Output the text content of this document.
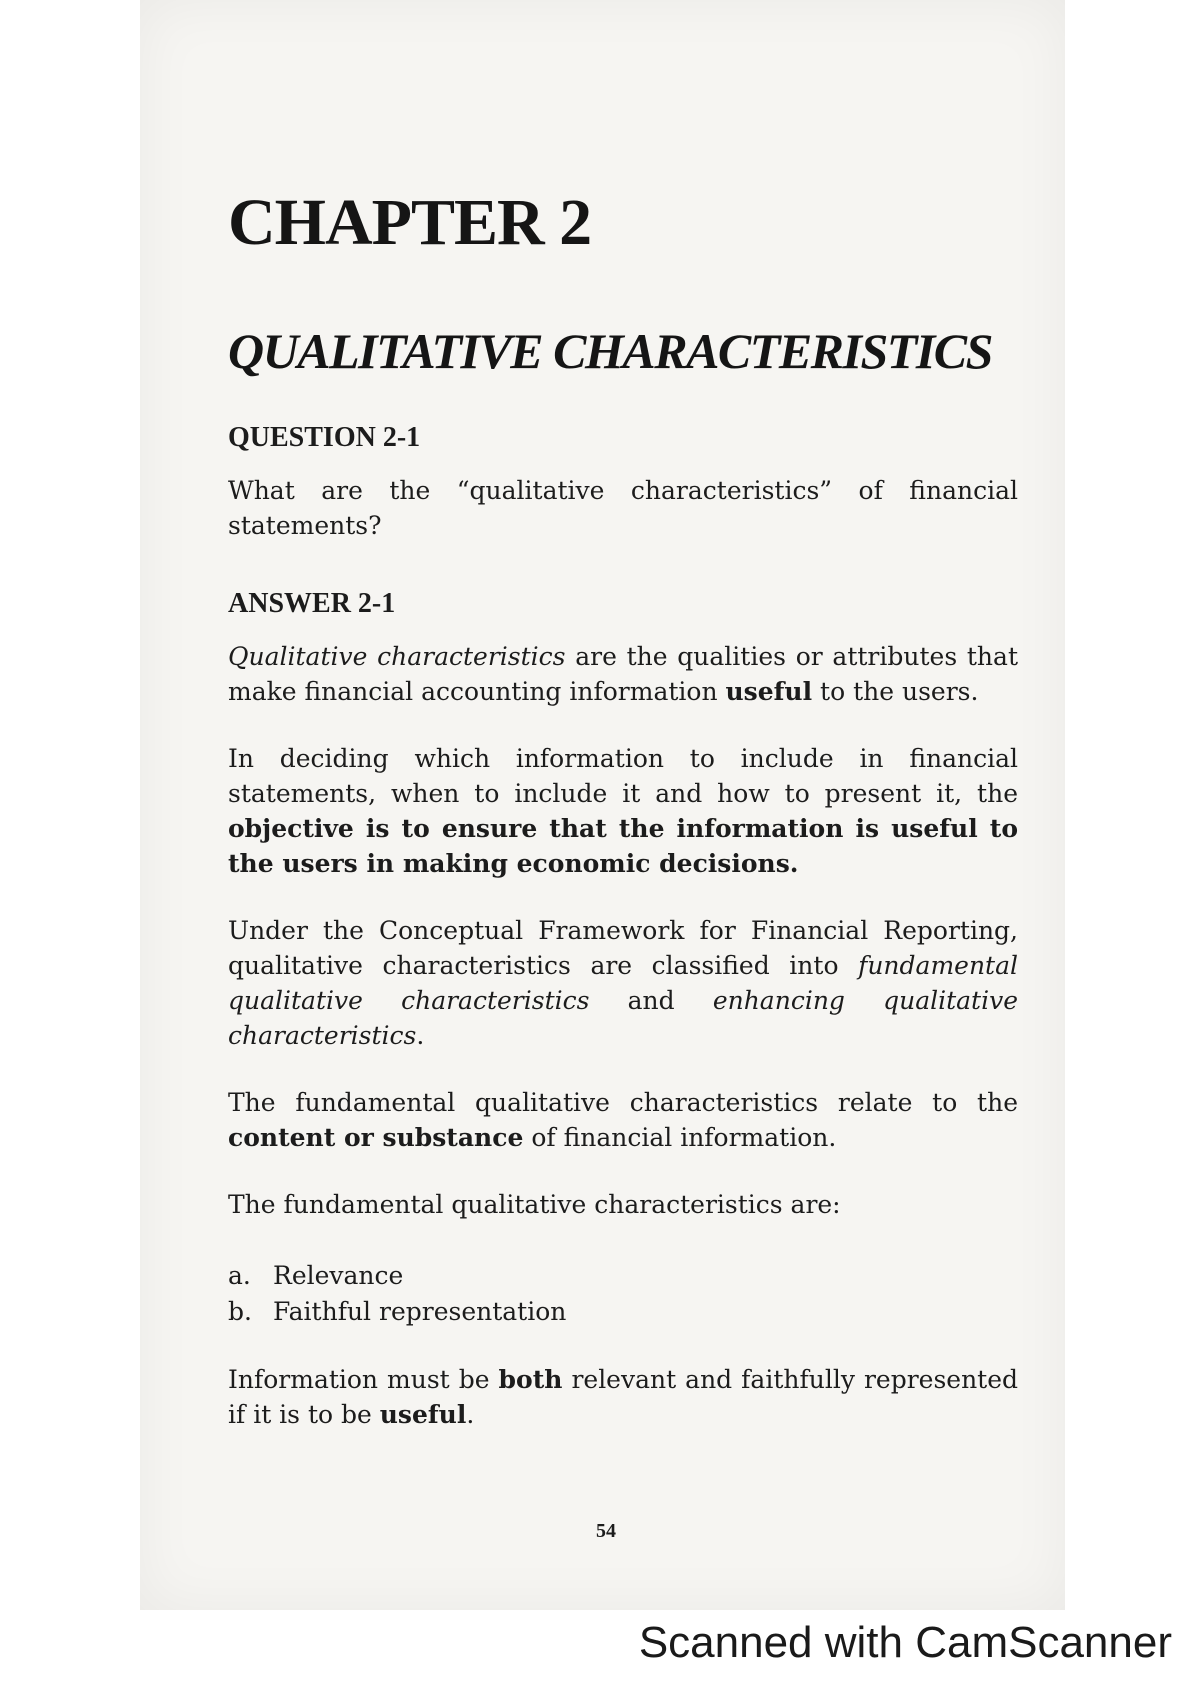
CHAPTER 2
QUALITATIVE CHARACTERISTICS
QUESTION 2-1

What are the “qualitative characteristics” of financial statements?

ANSWER 2-1

Qualitative characteristics are the qualities or attributes that make financial accounting information useful to the users.

In deciding which information to include in financial statements, when to include it and how to present it, the objective is to ensure that the information is useful to the users in making economic decisions.

Under the Conceptual Framework for Financial Reporting, qualitative characteristics are classified into fundamental qualitative characteristics and enhancing qualitative characteristics.

The fundamental qualitative characteristics relate to the content or substance of financial information.

The fundamental qualitative characteristics are:

a. Relevance
b. Faithful representation

Information must be both relevant and faithfully represented if it is to be useful.

54
Scanned with CamScanner
